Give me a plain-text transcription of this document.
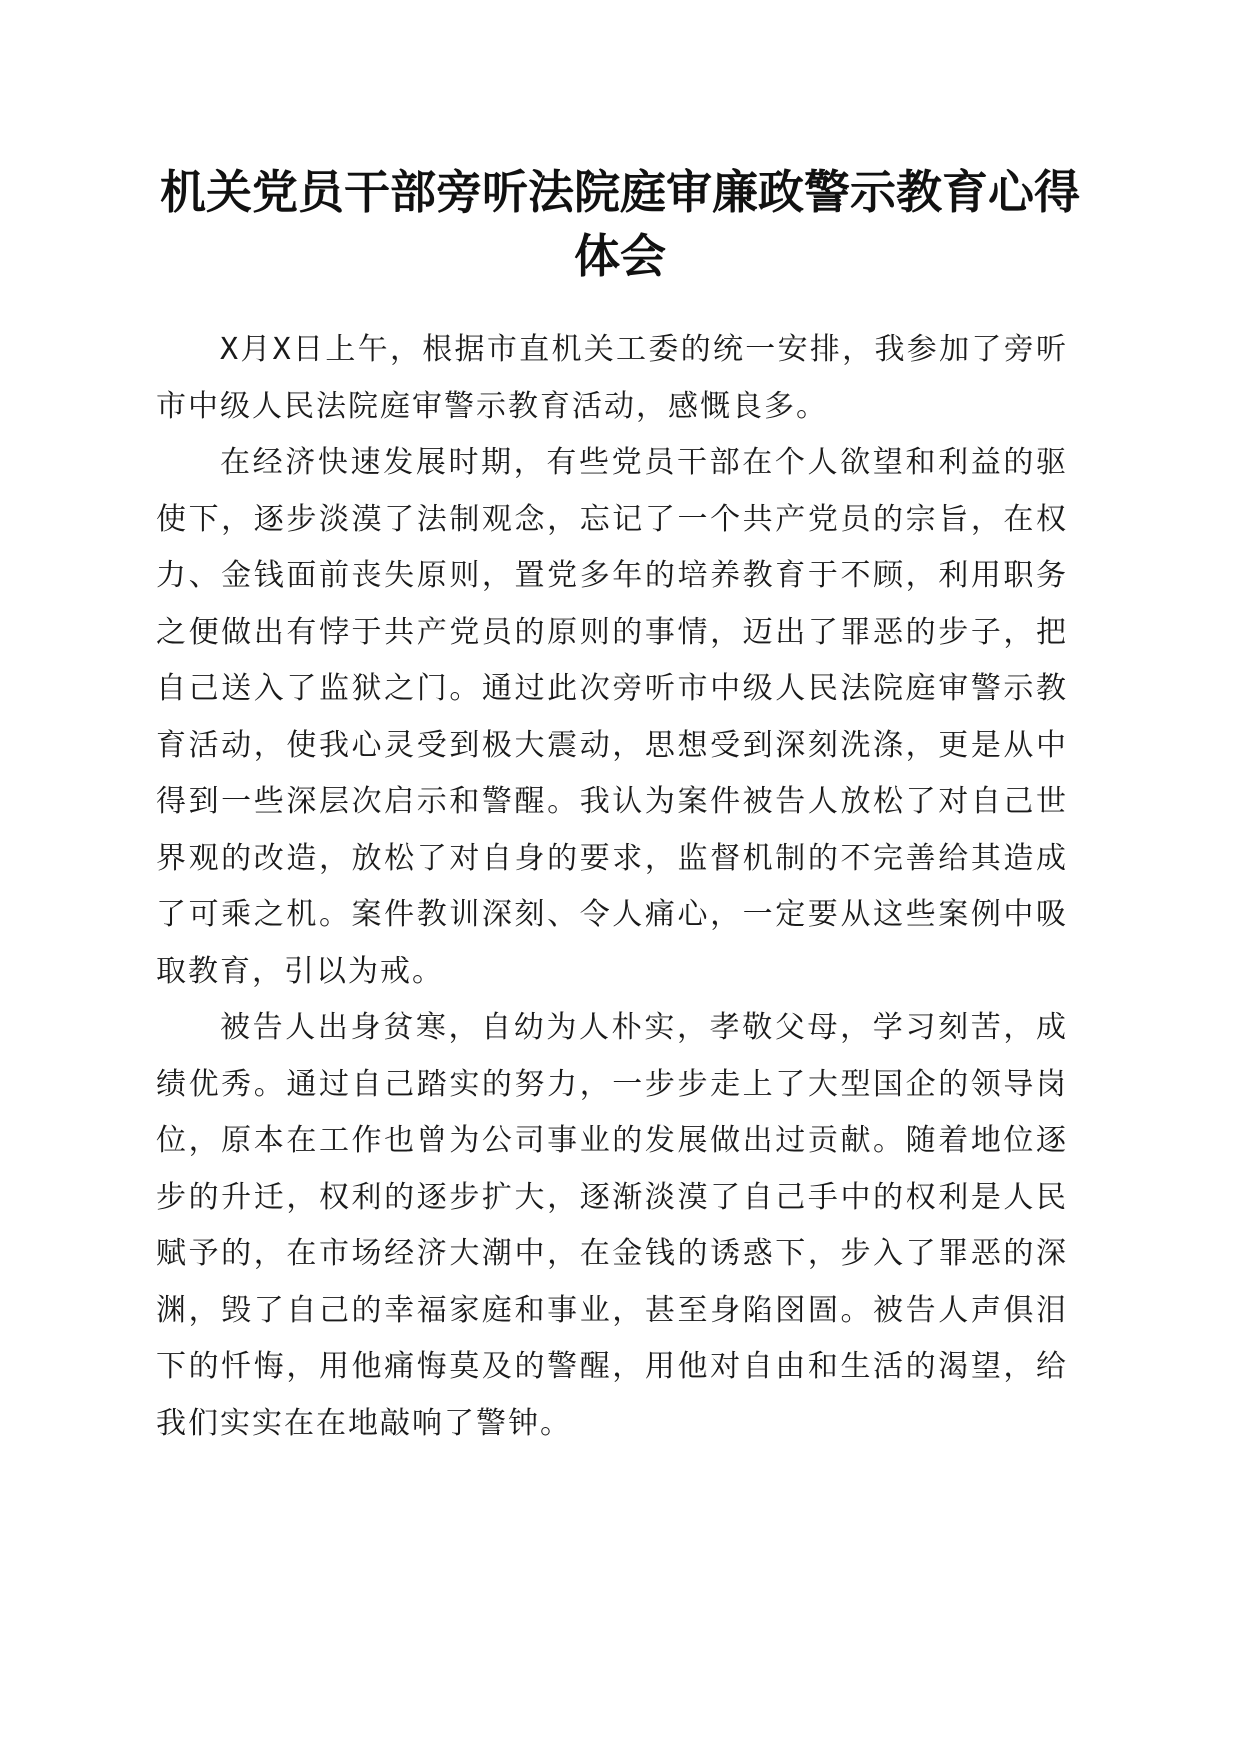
机关党员干部旁听法院庭审廉政警示教育心得体会

X月X日上午，根据市直机关工委的统一安排，我参加了旁听市中级人民法院庭审警示教育活动，感慨良多。

在经济快速发展时期，有些党员干部在个人欲望和利益的驱使下，逐步淡漠了法制观念，忘记了一个共产党员的宗旨，在权力、金钱面前丧失原则，置党多年的培养教育于不顾，利用职务之便做出有悖于共产党员的原则的事情，迈出了罪恶的步子，把自己送入了监狱之门。通过此次旁听市中级人民法院庭审警示教育活动，使我心灵受到极大震动，思想受到深刻洗涤，更是从中得到一些深层次启示和警醒。我认为案件被告人放松了对自己世界观的改造，放松了对自身的要求，监督机制的不完善给其造成了可乘之机。案件教训深刻、令人痛心，一定要从这些案例中吸取教育，引以为戒。

被告人出身贫寒，自幼为人朴实，孝敬父母，学习刻苦，成绩优秀。通过自己踏实的努力，一步步走上了大型国企的领导岗位，原本在工作也曾为公司事业的发展做出过贡献。随着地位逐步的升迁，权利的逐步扩大，逐渐淡漠了自己手中的权利是人民赋予的，在市场经济大潮中，在金钱的诱惑下，步入了罪恶的深渊，毁了自己的幸福家庭和事业，甚至身陷囹圄。被告人声俱泪下的忏悔，用他痛悔莫及的警醒，用他对自由和生活的渴望，给我们实实在在地敲响了警钟。
